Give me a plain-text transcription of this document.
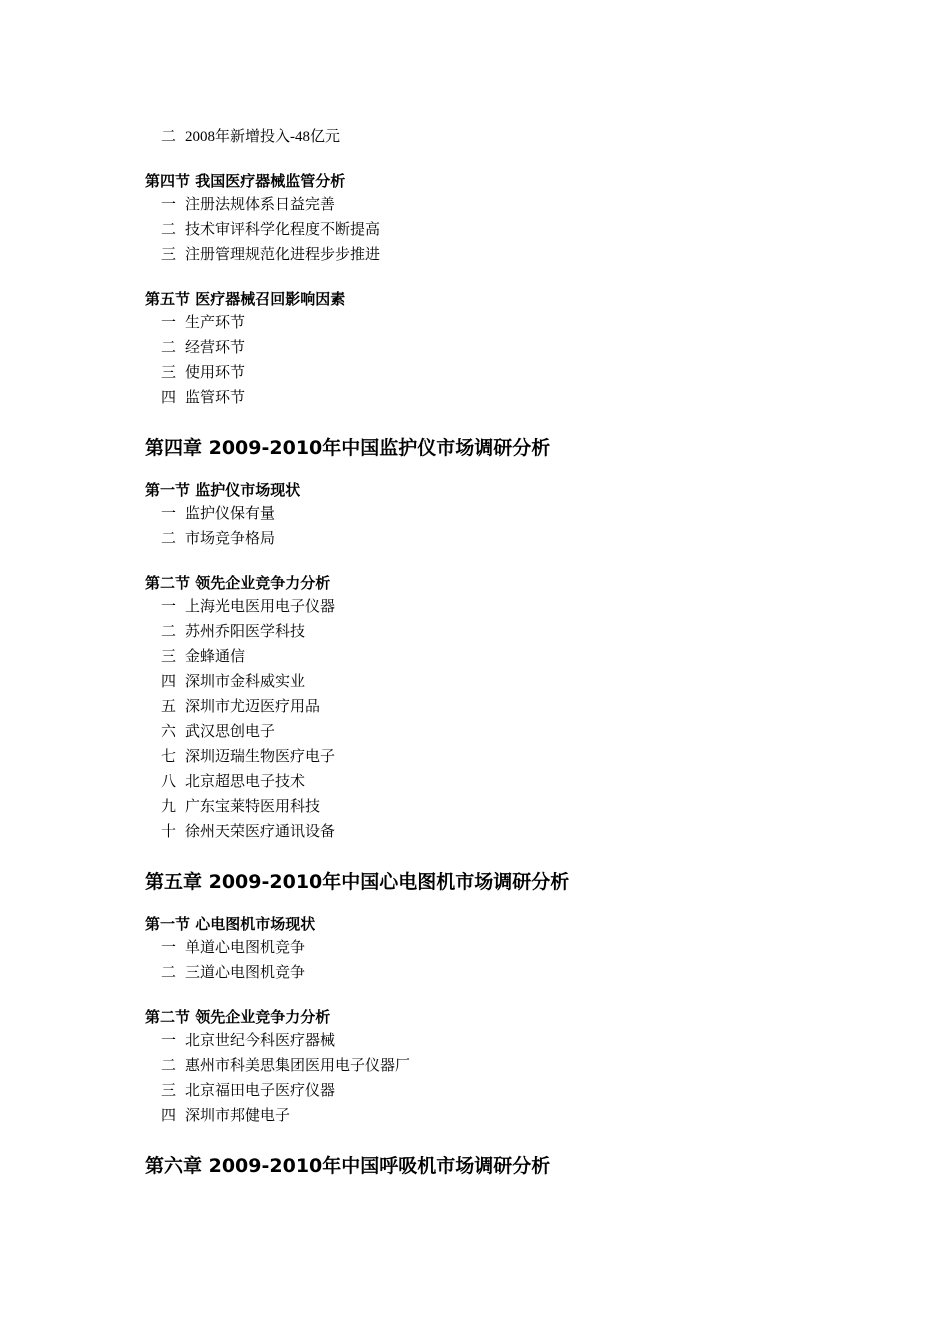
二 2008年新增投入-48亿元
第四节 我国医疗器械监管分析
一 注册法规体系日益完善
二 技术审评科学化程度不断提高
三 注册管理规范化进程步步推进
第五节 医疗器械召回影响因素
一 生产环节
二 经营环节
三 使用环节
四 监管环节
第四章 2009-2010年中国监护仪市场调研分析
第一节 监护仪市场现状
一 监护仪保有量
二 市场竞争格局
第二节 领先企业竞争力分析
一 上海光电医用电子仪器
二 苏州乔阳医学科技
三 金蜂通信
四 深圳市金科威实业
五 深圳市尤迈医疗用品
六 武汉思创电子
七 深圳迈瑞生物医疗电子
八 北京超思电子技术
九 广东宝莱特医用科技
十 徐州天荣医疗通讯设备
第五章 2009-2010年中国心电图机市场调研分析
第一节 心电图机市场现状
一 单道心电图机竞争
二 三道心电图机竞争
第二节 领先企业竞争力分析
一 北京世纪今科医疗器械
二 惠州市科美思集团医用电子仪器厂
三 北京福田电子医疗仪器
四 深圳市邦健电子
第六章 2009-2010年中国呼吸机市场调研分析
